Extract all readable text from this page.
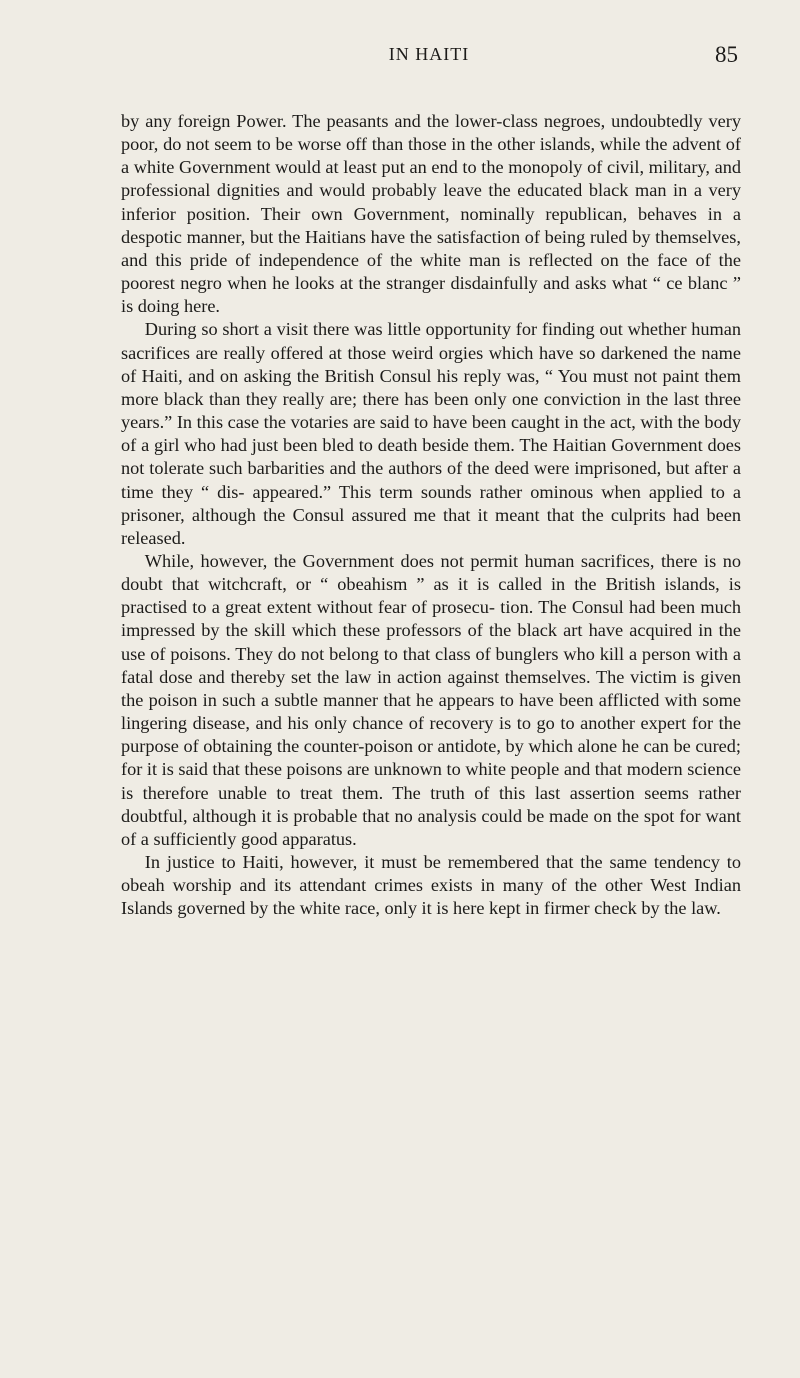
IN HAITI	85

by any foreign Power. The peasants and the lower-class negroes, undoubtedly very poor, do not seem to be worse off than those in the other islands, while the advent of a white Government would at least put an end to the monopoly of civil, military, and professional dignities and would probably leave the educated black man in a very inferior position. Their own Government, nominally republican, behaves in a despotic manner, but the Haitians have the satisfaction of being ruled by themselves, and this pride of independence of the white man is reflected on the face of the poorest negro when he looks at the stranger disdainfully and asks what “ ce blanc ” is doing here.

During so short a visit there was little opportunity for finding out whether human sacrifices are really offered at those weird orgies which have so darkened the name of Haiti, and on asking the British Consul his reply was, “ You must not paint them more black than they really are; there has been only one conviction in the last three years.” In this case the votaries are said to have been caught in the act, with the body of a girl who had just been bled to death beside them. The Haitian Government does not tolerate such barbarities and the authors of the deed were imprisoned, but after a time they “ dis- appeared.” This term sounds rather ominous when applied to a prisoner, although the Consul assured me that it meant that the culprits had been released.

While, however, the Government does not permit human sacrifices, there is no doubt that witchcraft, or “ obeahism ” as it is called in the British islands, is practised to a great extent without fear of prosecu- tion. The Consul had been much impressed by the skill which these professors of the black art have acquired in the use of poisons. They do not belong to that class of bunglers who kill a person with a fatal dose and thereby set the law in action against themselves. The victim is given the poison in such a subtle manner that he appears to have been afflicted with some lingering disease, and his only chance of recovery is to go to another expert for the purpose of obtaining the counter-poison or antidote, by which alone he can be cured; for it is said that these poisons are unknown to white people and that modern science is therefore unable to treat them. The truth of this last assertion seems rather doubtful, although it is probable that no analysis could be made on the spot for want of a sufficiently good apparatus.

In justice to Haiti, however, it must be remembered that the same tendency to obeah worship and its attendant crimes exists in many of the other West Indian Islands governed by the white race, only it is here kept in firmer check by the law.
